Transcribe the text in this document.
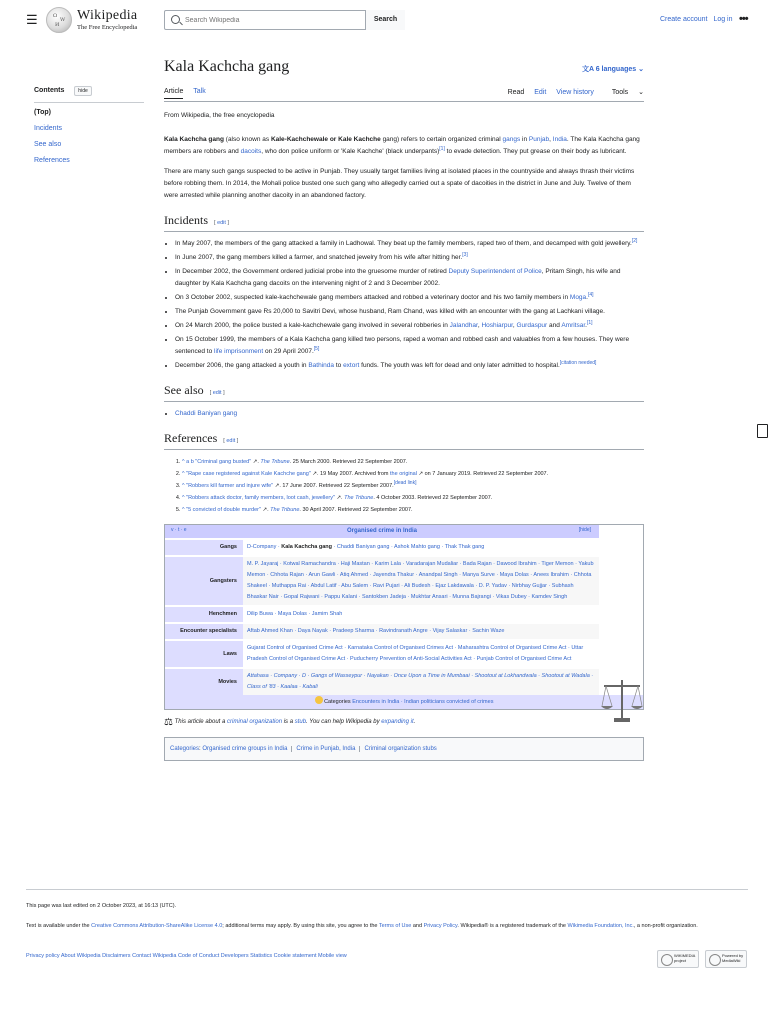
☰	Ω
W
И
Wikipedia
The Free Encyclopedia
Search Wikipedia
Search	Create account Log in •••
Contents	hide
(Top)
Incidents
See also
References
Kala Kachcha gang	文A 6 languages ⌄
Article Talk	Read Edit View history	Tools ⌄
From Wikipedia, the free encyclopedia

Kala Kachcha gang (also known as Kale-Kachchewale or Kale Kachche gang) refers to certain organized criminal gangs in Punjab, India. The Kala Kachcha gang members are robbers and dacoits, who don police uniform or 'Kale Kachche' (black underpants)[1] to evade detection. They put grease on their body as lubricant.

There are many such gangs suspected to be active in Punjab. They usually target families living at isolated places in the countryside and always thrash their victims before robbing them. In 2014, the Mohali police busted one such gang who allegedly carried out a spate of dacoities in the district in June and July. Twelve of them were arrested while planning another dacoity in an abandoned factory.

Incidents [ edit ]
• In May 2007, the members of the gang attacked a family in Ladhowal. They beat up the family members, raped two of them, and decamped with gold jewellery.[2]
• In June 2007, the gang members killed a farmer, and snatched jewelry from his wife after hitting her.[3]
• In December 2002, the Government ordered judicial probe into the gruesome murder of retired Deputy Superintendent of Police, Pritam Singh, his wife and daughter by Kala Kachcha gang dacoits on the intervening night of 2 and 3 December 2002.
• On 3 October 2002, suspected kale-kachchewale gang members attacked and robbed a veterinary doctor and his two family members in Moga.[4]
• The Punjab Government gave Rs 20,000 to Savitri Devi, whose husband, Ram Chand, was killed with an encounter with the gang at Lachkani village.
• On 24 March 2000, the police busted a kale-kachchewale gang involved in several robberies in Jalandhar, Hoshiarpur, Gurdaspur and Amritsar.[1]
• On 15 October 1999, the members of a Kala Kachcha gang killed two persons, raped a woman and robbed cash and valuables from a few houses. They were sentenced to life imprisonment on 29 April 2007.[5]
• December 2006, the gang attacked a youth in Bathinda to extort funds. The youth was left for dead and only later admitted to hospital.[citation needed]
See also [ edit ]
• Chaddi Baniyan gang
References [ edit ]
1. ^ a b "Criminal gang busted" ↗. The Tribune. 25 March 2000. Retrieved 22 September 2007.
2. ^ "Rape case registered against Kale Kachche gang" ↗. 19 May 2007. Archived from the original ↗ on 7 January 2019. Retrieved 22 September 2007.
3. ^ "Robbers kill farmer and injure wife" ↗. 17 June 2007. Retrieved 22 September 2007.[dead link]
4. ^ "Robbers attack doctor, family members, loot cash, jewellery" ↗. The Tribune. 4 October 2003. Retrieved 22 September 2007.
5. ^ "5 convicted of double murder" ↗. The Tribune. 30 April 2007. Retrieved 22 September 2007.
v · t · e Organised crime in India [hide]		

Gangs	D-Company · Kala Kachcha gang · Chaddi Baniyan gang · Ashok Mahto gang · Thak Thak gang	
Gangsters	M. P. Jayaraj · Kotwal Ramachandra · Haji Mastan · Karim Lala · Varadarajan Mudaliar · Bada Rajan · Dawood Ibrahim · Tiger Memon · Yakub Memon · Chhota Rajan · Arun Gawli · Atiq Ahmed · Jayendra Thakur · Anandpal Singh · Manya Surve · Maya Dolas · Anees Ibrahim · Chhota Shakeel · Muthappa Rai · Abdul Latif · Abu Salem · Ravi Pujari · Ali Budesh · Ejaz Lakdawala · D. P. Yadav · Nirbhay Gujjar · Subhash Bhaskar Nair · Gopal Rajwani · Pappu Kalani · Santokben Jadeja · Mukhtar Ansari · Munna Bajrangi · Vikas Dubey · Kamdev Singh	
Henchmen	Dilip Buwa · Maya Dolas · Jamim Shah	
Encounter specialists	Aftab Ahmed Khan · Daya Nayak · Pradeep Sharma · Ravindranath Angre · Vijay Salaskar · Sachin Waze	
Laws	Gujarat Control of Organised Crime Act · Karnataka Control of Organised Crimes Act · Maharashtra Control of Organised Crime Act · Uttar Pradesh Control of Organised Crime Act · Puducherry Prevention of Anti-Social Activities Act · Punjab Control of Organised Crime Act	
Movies	Attahasa · Company · D · Gangs of Wasseypur · Nayakan · Once Upon a Time in Mumbaai · Shootout at Lokhandwala · Shootout at Wadala · Class of '83 · Kaalaa · Kabali	
Categories Encounters in India · Indian politicians convicted of crimes		
⚖ This article about a criminal organization is a stub. You can help Wikipedia by expanding it.
Categories: Organised crime groups in India Crime in Punjab, India Criminal organization stubs
This page was last edited on 2 October 2023, at 16:13 (UTC).
Text is available under the Creative Commons Attribution-ShareAlike License 4.0; additional terms may apply. By using this site, you agree to the Terms of Use and Privacy Policy. Wikipedia® is a registered trademark of the Wikimedia Foundation, Inc., a non-profit organization.
Privacy policy About Wikipedia Disclaimers Contact Wikipedia Code of Conduct Developers Statistics Cookie statement Mobile view	WIKIMEDIA
project
Powered by
MediaWiki
